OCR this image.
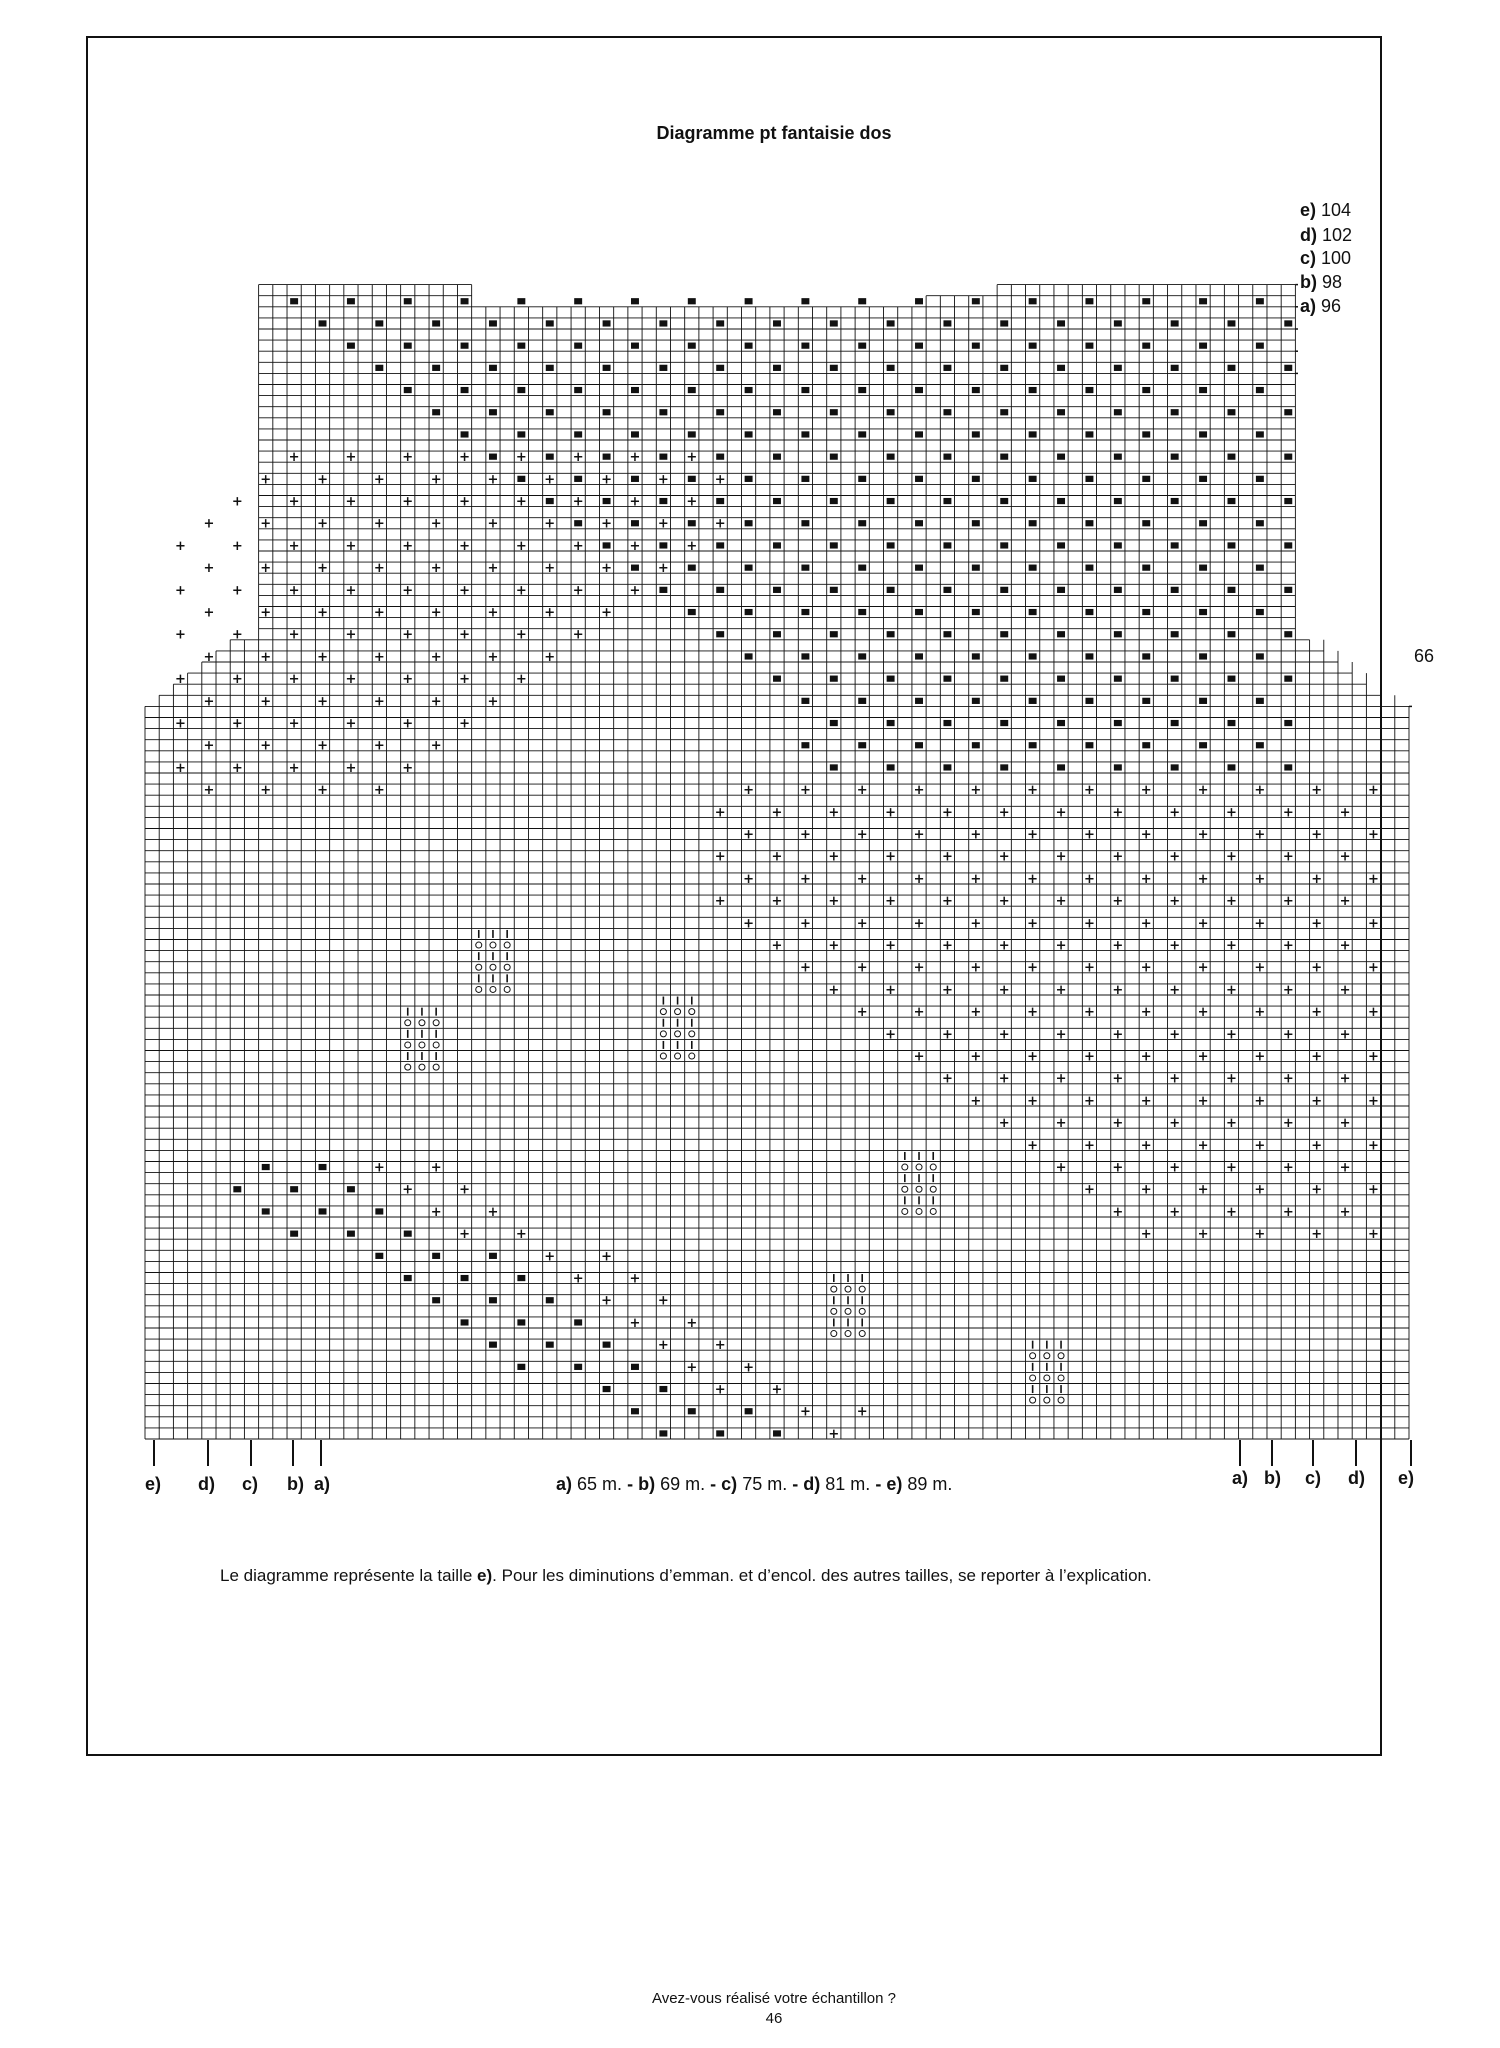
Diagramme pt fantaisie dos
+	+	+	+
+	+	+	+	+
+	+	+	+	+
+	+	+	+	+	+
+	+	+	+	+	+
+	+	+	+	+	+	+
+	+	+	+	+	+	+
+	+	+	+	+	+	+	+
+	+	+	+	+	+	+	+
+	+	+	+	+	+	+	+	+
+	+	+	+	+	+	+	+	+
+	+	+	+	+	+	+	+	+	+
+	+	+	+	+	+	+	+	+	+
+	+	+	+	+	+	+	+	+
+	+	+	+	+	+	+	+	+
+	+	+	+	+	+	+	+
+	+	+	+	+
+	+	+	+	+
+	+	+	+	+	+
+	+	+	+	+	+
+	+	+	+	+	+	+
+	+	+	+	+	+	+
+	+	+	+	+	+	+	+
+	+	+	+	+	+	+	+
+	+	+	+	+	+	+	+	+
+	+	+	+	+	+	+	+	+
+	+	+	+	+	+	+	+	+	+
+	+	+	+	+	+	+	+	+	+
+	+	+	+	+	+	+	+	+	+	+
+	+	+	+	+	+	+	+	+	+	+
+	+	+	+	+	+	+	+	+	+	+	+
+	+	+	+	+	+	+	+	+	+	+	+
+	+	+	+	+	+	+	+	+	+	+	+
+	+	+	+	+	+	+	+	+	+	+	+
+	+	+	+	+	+	+	+	+	+	+	+
+	+	+	+	+	+	+	+	+	+	+	+
+	+	+	+	+	+	+	+	+	+	+	+
+
+	+
+	+
+	+
+	+
+	+
+	+
+	+
+	+
+	+
+	+
+	+
+	+
e) 104
d) 102
c) 100
b) 98
a) 96
66
e) d) c) b) a)	a) b) c) d) e)
a) 65 m. - b) 69 m. - c) 75 m. - d) 81 m. - e) 89 m.
Le diagramme représente la taille e). Pour les diminutions d’emman. et d’encol. des autres tailles, se reporter à l’explication.
Avez-vous réalisé votre échantillon ?
46
